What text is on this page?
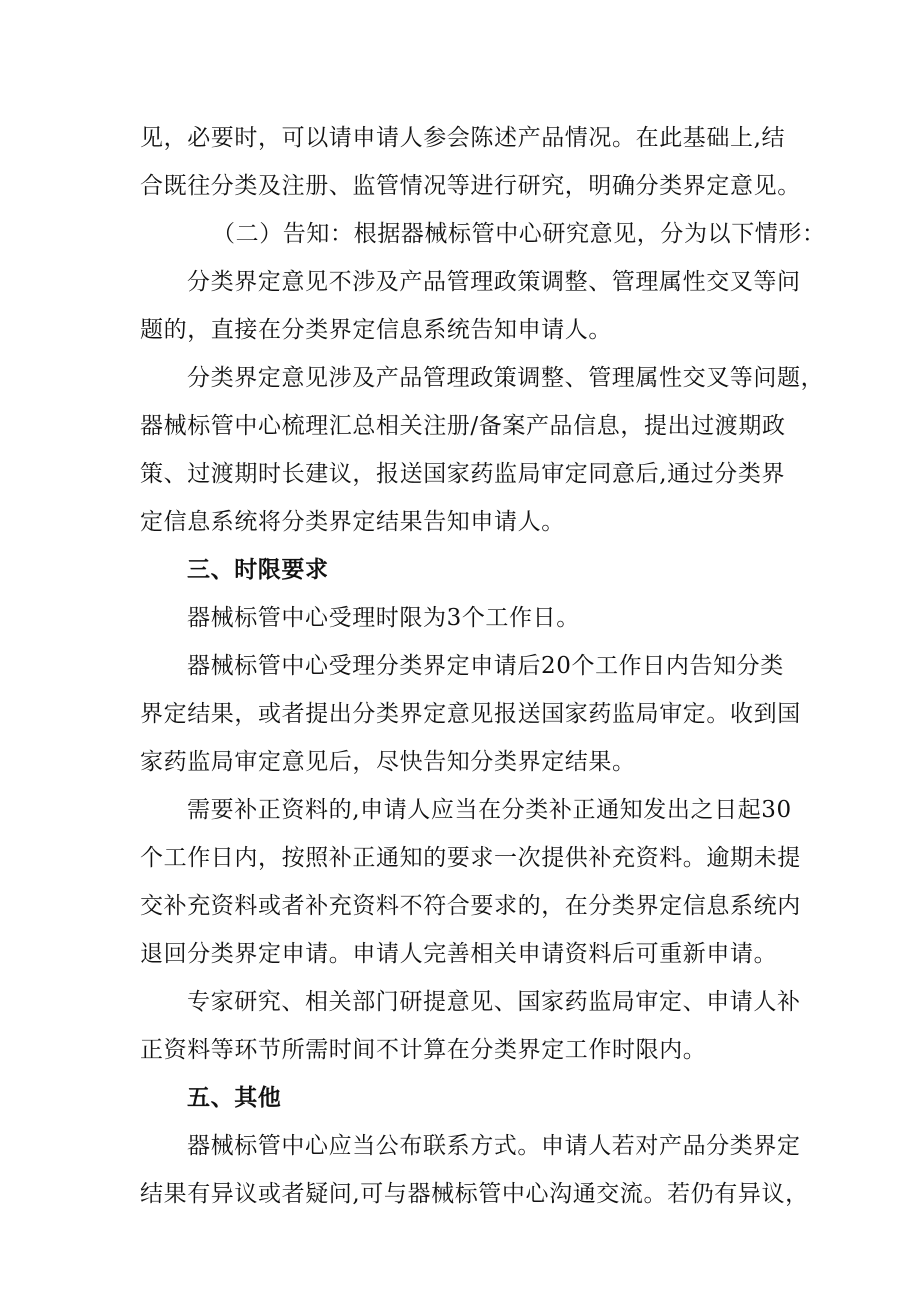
见，必要时，可以请申请人参会陈述产品情况。在此基础上,结
合既往分类及注册、监管情况等进行研究，明确分类界定意见。
（二）告知：根据器械标管中心研究意见，分为以下情形：
分类界定意见不涉及产品管理政策调整、管理属性交叉等问
题的，直接在分类界定信息系统告知申请人。
分类界定意见涉及产品管理政策调整、管理属性交叉等问题，
器械标管中心梳理汇总相关注册/备案产品信息，提出过渡期政
策、过渡期时长建议，报送国家药监局审定同意后,通过分类界
定信息系统将分类界定结果告知申请人。
三、时限要求
器械标管中心受理时限为3个工作日。
器械标管中心受理分类界定申请后20个工作日内告知分类
界定结果，或者提出分类界定意见报送国家药监局审定。收到国
家药监局审定意见后，尽快告知分类界定结果。
需要补正资料的,申请人应当在分类补正通知发出之日起30
个工作日内，按照补正通知的要求一次提供补充资料。逾期未提
交补充资料或者补充资料不符合要求的，在分类界定信息系统内
退回分类界定申请。申请人完善相关申请资料后可重新申请。
专家研究、相关部门研提意见、国家药监局审定、申请人补
正资料等环节所需时间不计算在分类界定工作时限内。
五、其他
器械标管中心应当公布联系方式。申请人若对产品分类界定
结果有异议或者疑问,可与器械标管中心沟通交流。若仍有异议，
